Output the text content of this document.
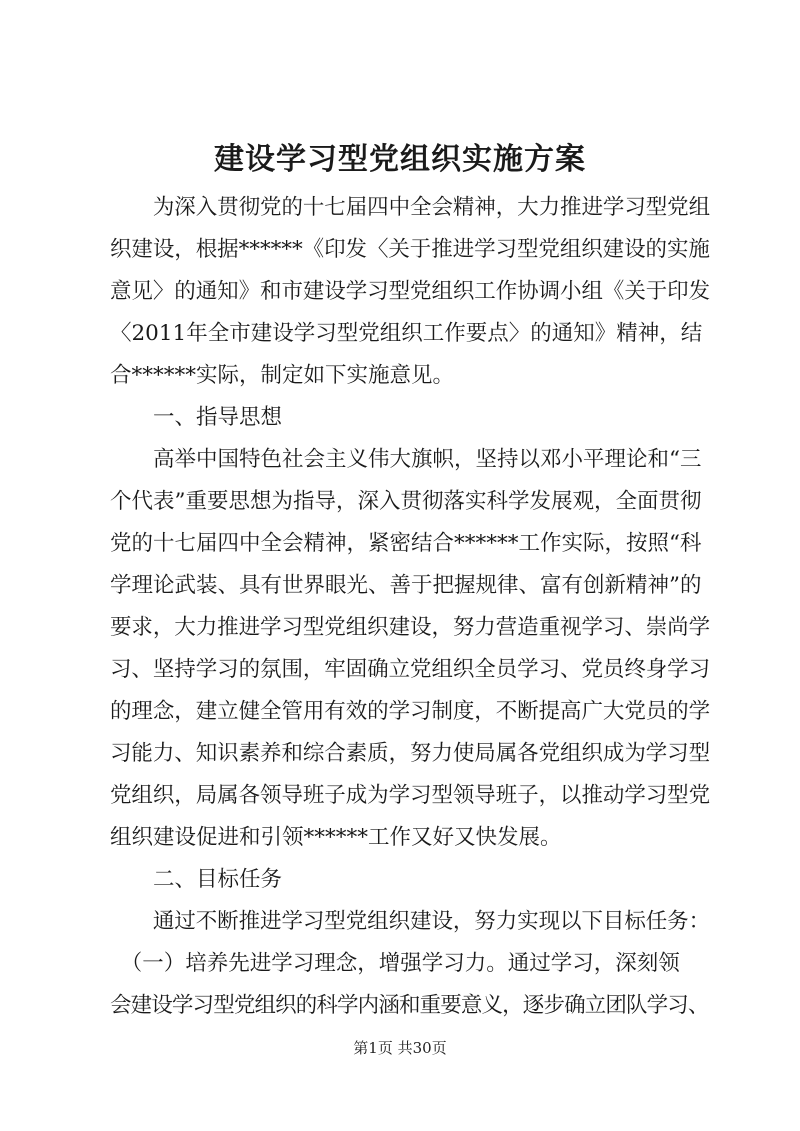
建设学习型党组织实施方案
　　为深入贯彻党的十七届四中全会精神，大力推进学习型党组
织建设，根据******《印发〈关于推进学习型党组织建设的实施
意见〉的通知》和市建设学习型党组织工作协调小组《关于印发
〈2011年全市建设学习型党组织工作要点〉的通知》精神，结
合******实际，制定如下实施意见。
　　一、指导思想
　　高举中国特色社会主义伟大旗帜，坚持以邓小平理论和“三
个代表”重要思想为指导，深入贯彻落实科学发展观，全面贯彻
党的十七届四中全会精神，紧密结合******工作实际，按照“科
学理论武装、具有世界眼光、善于把握规律、富有创新精神”的
要求，大力推进学习型党组织建设，努力营造重视学习、崇尚学
习、坚持学习的氛围，牢固确立党组织全员学习、党员终身学习
的理念，建立健全管用有效的学习制度，不断提高广大党员的学
习能力、知识素养和综合素质，努力使局属各党组织成为学习型
党组织，局属各领导班子成为学习型领导班子，以推动学习型党
组织建设促进和引领******工作又好又快发展。
　　二、目标任务
　　通过不断推进学习型党组织建设，努力实现以下目标任务：
　（一）培养先进学习理念，增强学习力。通过学习，深刻领
会建设学习型党组织的科学内涵和重要意义，逐步确立团队学习、
第1页 共30页
